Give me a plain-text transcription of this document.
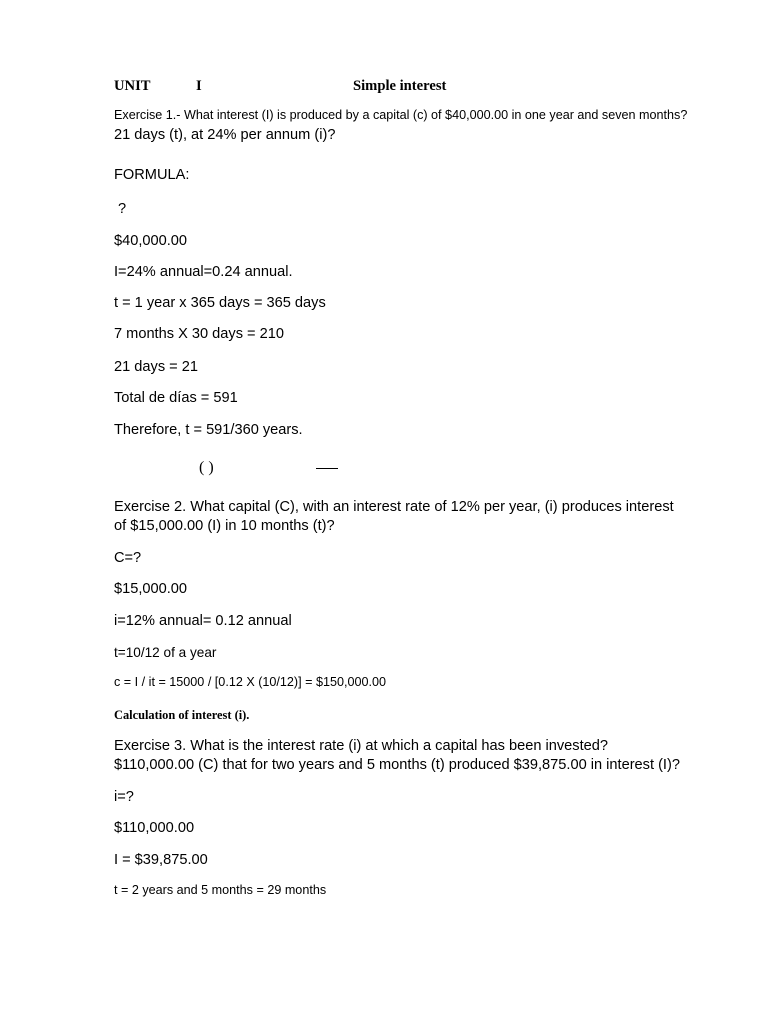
UNIT	I	Simple interest
Exercise 1.- What interest (I) is produced by a capital (c) of $40,000.00 in one year and seven months?
21 days (t), at 24% per annum (i)?
FORMULA:
?
$40,000.00
I=24% annual=0.24 annual.
t = 1 year x 365 days = 365 days
7 months X 30 days = 210
21 days = 21
Total de días = 591
Therefore, t = 591/360 years.
( )
Exercise 2. What capital (C), with an interest rate of 12% per year, (i) produces interest
of $15,000.00 (I) in 10 months (t)?
C=?
$15,000.00
i=12% annual= 0.12 annual
t=10/12 of a year
c = I / it = 15000 / [0.12 X (10/12)] = $150,000.00
Calculation of interest (i).
Exercise 3. What is the interest rate (i) at which a capital has been invested?
$110,000.00 (C) that for two years and 5 months (t) produced $39,875.00 in interest (I)?
i=?
$110,000.00
I = $39,875.00
t = 2 years and 5 months = 29 months
